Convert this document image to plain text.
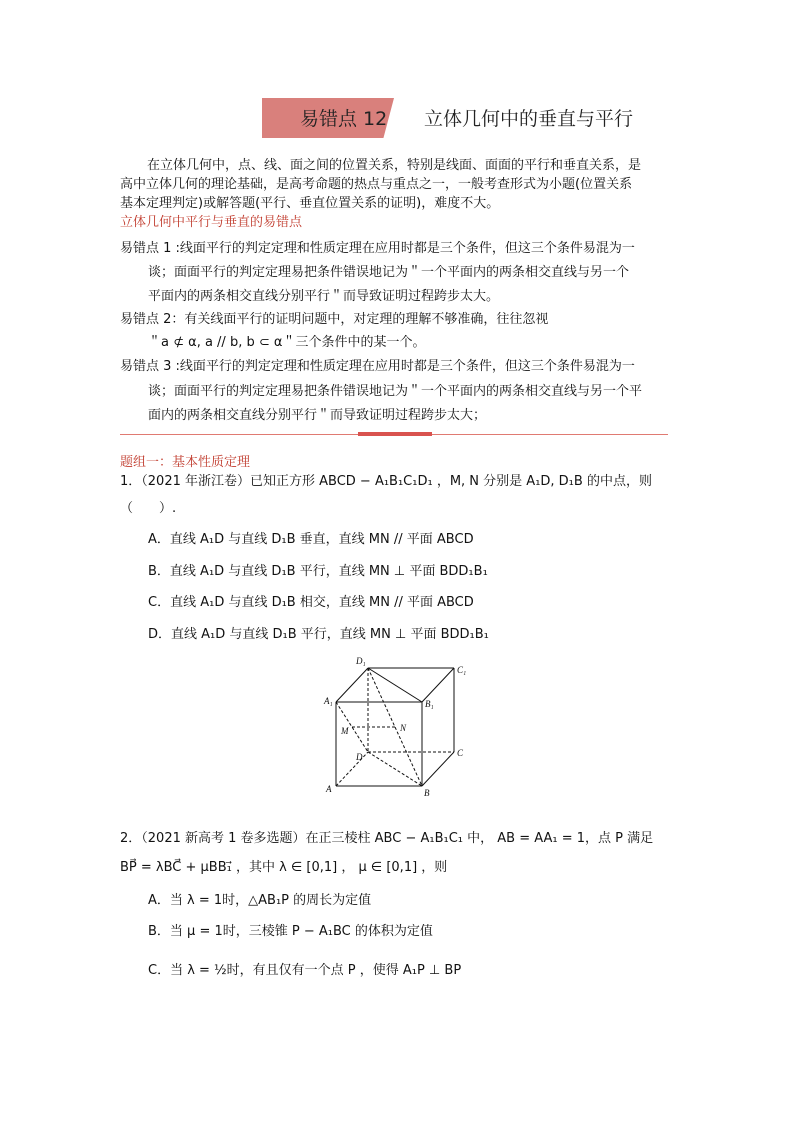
易错点 12 立体几何中的垂直与平行
在立体几何中，点、线、面之间的位置关系，特别是线面、面面的平行和垂直关系，是
高中立体几何的理论基础，是高考命题的热点与重点之一，一般考查形式为小题(位置关系
基本定理判定)或解答题(平行、垂直位置关系的证明)，难度不大。
立体几何中平行与垂直的易错点
易错点 1 :线面平行的判定定理和性质定理在应用时都是三个条件，但这三个条件易混为一
谈；面面平行的判定定理易把条件错误地记为＂一个平面内的两条相交直线与另一个
平面内的两条相交直线分别平行＂而导致证明过程跨步太大。
易错点 2：有关线面平行的证明问题中，对定理的理解不够准确，往往忽视
＂a ⊄ α, a // b, b ⊂ α＂三个条件中的某一个。
易错点 3 :线面平行的判定定理和性质定理在应用时都是三个条件，但这三个条件易混为一
谈；面面平行的判定定理易把条件错误地记为＂一个平面内的两条相交直线与另一个平
面内的两条相交直线分别平行＂而导致证明过程跨步太大；
题组一：基本性质定理
1．（2021 年浙江卷）已知正方形 ABCD − A₁B₁C₁D₁ ，M, N 分别是 A₁D, D₁B 的中点，则
（　　）.
A．直线 A₁D 与直线 D₁B 垂直，直线 MN // 平面 ABCD
B．直线 A₁D 与直线 D₁B 平行，直线 MN ⊥ 平面 BDD₁B₁
C．直线 A₁D 与直线 D₁B 相交，直线 MN // 平面 ABCD
D．直线 A₁D 与直线 D₁B 平行，直线 MN ⊥ 平面 BDD₁B₁
D₁
C₁
A₁	B₁
M	N
D	C
A	B
2．（2021 新高考 1 卷多选题）在正三棱柱 ABC − A₁B₁C₁ 中， AB = AA₁ = 1，点 P 满足
BP⃗ = λBC⃗ + μBB₁⃗ ，其中 λ ∈ [0,1] ， μ ∈ [0,1] ，则
A．当 λ = 1时，△AB₁P 的周长为定值
B．当 μ = 1时，三棱锥 P − A₁BC 的体积为定值
C．当 λ = ½时，有且仅有一个点 P ，使得 A₁P ⊥ BP
